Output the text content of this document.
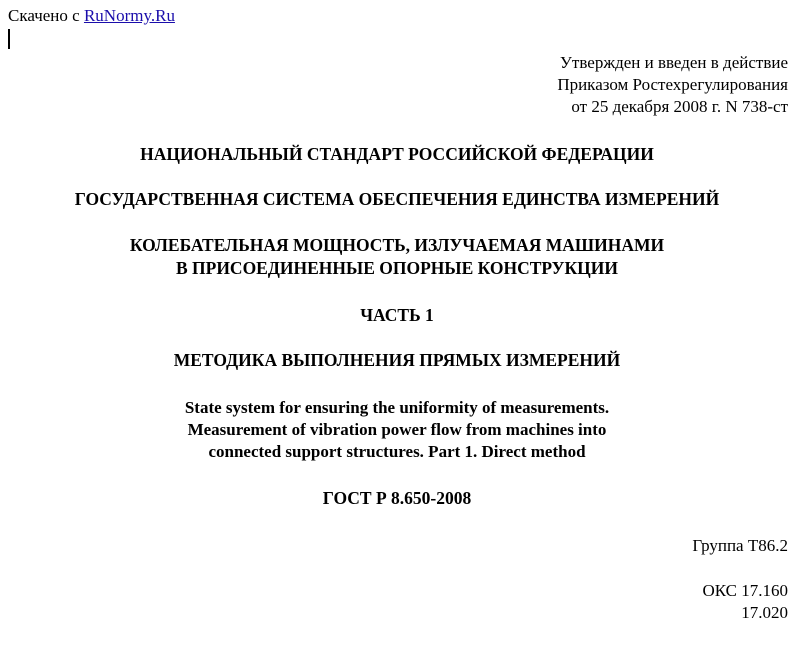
Скачено с RuNormy.Ru
Утвержден и введен в действие
Приказом Ростехрегулирования
от 25 декабря 2008 г. N 738-ст
НАЦИОНАЛЬНЫЙ СТАНДАРТ РОССИЙСКОЙ ФЕДЕРАЦИИ
ГОСУДАРСТВЕННАЯ СИСТЕМА ОБЕСПЕЧЕНИЯ ЕДИНСТВА ИЗМЕРЕНИЙ
КОЛЕБАТЕЛЬНАЯ МОЩНОСТЬ, ИЗЛУЧАЕМАЯ МАШИНАМИ
В ПРИСОЕДИНЕННЫЕ ОПОРНЫЕ КОНСТРУКЦИИ
ЧАСТЬ 1
МЕТОДИКА ВЫПОЛНЕНИЯ ПРЯМЫХ ИЗМЕРЕНИЙ
State system for ensuring the uniformity of measurements.
Measurement of vibration power flow from machines into
connected support structures. Part 1. Direct method
ГОСТ Р 8.650-2008
Группа Т86.2
ОКС 17.160
17.020
